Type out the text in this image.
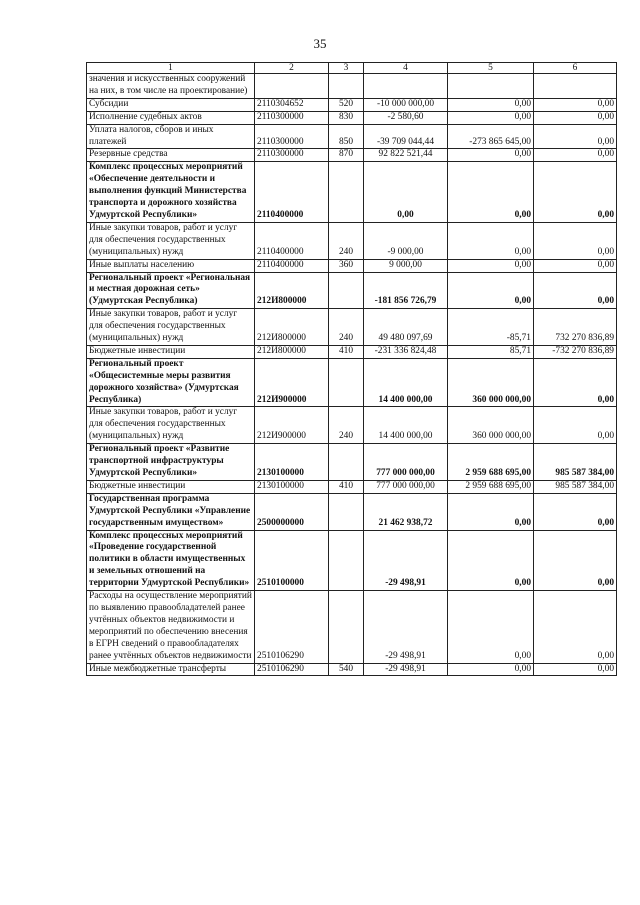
35
1	2	3	4	5	6
значения и искусственных сооружений на них, в том числе на проектирование)					
Субсидии	2110304652	520	-10 000 000,00	0,00	0,00
Исполнение судебных актов	2110300000	830	-2 580,60	0,00	0,00
Уплата налогов, сборов и иных платежей	2110300000	850	-39 709 044,44	-273 865 645,00	0,00
Резервные средства	2110300000	870	92 822 521,44	0,00	0,00
Комплекс процессных мероприятий «Обеспечение деятельности и выполнения функций Министерства транспорта и дорожного хозяйства Удмуртской Республики»	2110400000		0,00	0,00	0,00
Иные закупки товаров, работ и услуг для обеспечения государственных (муниципальных) нужд	2110400000	240	-9 000,00	0,00	0,00
Иные выплаты населению	2110400000	360	9 000,00	0,00	0,00
Региональный проект «Региональная и местная дорожная сеть» (Удмуртская Республика)	212И800000		-181 856 726,79	0,00	0,00
Иные закупки товаров, работ и услуг для обеспечения государственных (муниципальных) нужд	212И800000	240	49 480 097,69	-85,71	732 270 836,89
Бюджетные инвестиции	212И800000	410	-231 336 824,48	85,71	-732 270 836,89
Региональный проект «Общесистемные меры развития дорожного хозяйства» (Удмуртская Республика)	212И900000		14 400 000,00	360 000 000,00	0,00
Иные закупки товаров, работ и услуг для обеспечения государственных (муниципальных) нужд	212И900000	240	14 400 000,00	360 000 000,00	0,00
Региональный проект «Развитие транспортной инфраструктуры Удмуртской Республики»	2130100000		777 000 000,00	2 959 688 695,00	985 587 384,00
Бюджетные инвестиции	2130100000	410	777 000 000,00	2 959 688 695,00	985 587 384,00
Государственная программа Удмуртской Республики «Управление государственным имуществом»	2500000000		21 462 938,72	0,00	0,00
Комплекс процессных мероприятий «Проведение государственной политики в области имущественных и земельных отношений на территории Удмуртской Республики»	2510100000		-29 498,91	0,00	0,00
Расходы на осуществление мероприятий по выявлению правообладателей ранее учтённых объектов недвижимости и мероприятий по обеспечению внесения в ЕГРН сведений о правообладателях ранее учтённых объектов недвижимости	2510106290		-29 498,91	0,00	0,00
Иные межбюджетные трансферты	2510106290	540	-29 498,91	0,00	0,00
